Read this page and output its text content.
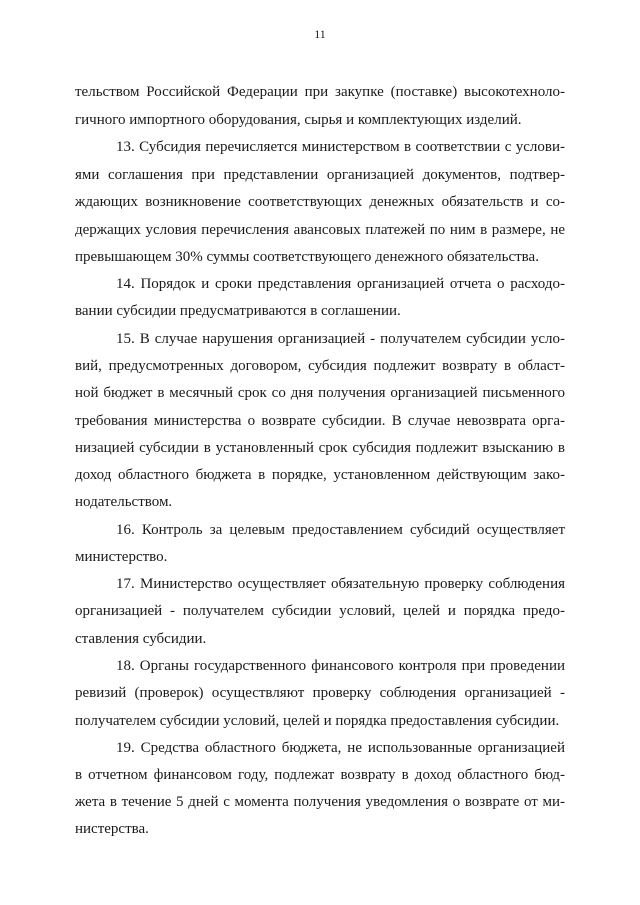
11
тельством Российской Федерации при закупке (поставке) высокотехноло-
гичного импортного оборудования, сырья и комплектующих изделий.
13. Субсидия перечисляется министерством в соответствии с услови-
ями соглашения при представлении организацией документов, подтвер-
ждающих возникновение соответствующих денежных обязательств и со-
держащих условия перечисления авансовых платежей по ним в размере, не
превышающем 30% суммы соответствующего денежного обязательства.
14. Порядок и сроки представления организацией отчета о расходо-
вании субсидии предусматриваются в соглашении.
15. В случае нарушения организацией - получателем субсидии усло-
вий, предусмотренных договором, субсидия подлежит возврату в област-
ной бюджет в месячный срок со дня получения организацией письменного
требования министерства о возврате субсидии. В случае невозврата орга-
низацией субсидии в установленный срок субсидия подлежит взысканию в
доход областного бюджета в порядке, установленном действующим зако-
нодательством.
16. Контроль за целевым предоставлением субсидий осуществляет
министерство.
17. Министерство осуществляет обязательную проверку соблюдения
организацией - получателем субсидии условий, целей и порядка предо-
ставления субсидии.
18. Органы государственного финансового контроля при проведении
ревизий (проверок) осуществляют проверку соблюдения организацией -
получателем субсидии условий, целей и порядка предоставления субсидии.
19. Средства областного бюджета, не использованные организацией
в отчетном финансовом году, подлежат возврату в доход областного бюд-
жета в течение 5 дней с момента получения уведомления о возврате от ми-
нистерства.
